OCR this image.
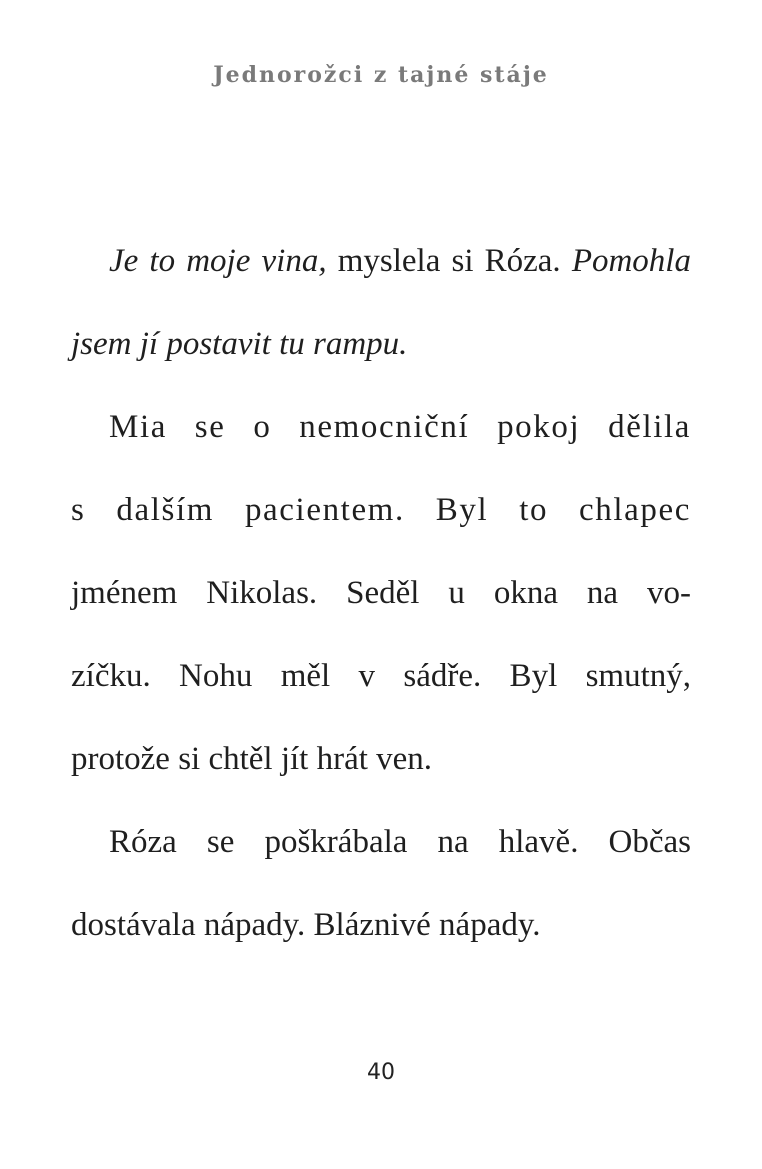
Jednorožci z tajné stáje
Je to moje vina, myslela si Róza. Pomohla
jsem jí postavit tu rampu.
Mia se o nemocniční pokoj dělila
s dalším pacientem. Byl to chlapec
jménem Nikolas. Seděl u okna na vo-
zíčku. Nohu měl v sádře. Byl smutný,
protože si chtěl jít hrát ven.
Róza se poškrábala na hlavě. Občas
dostávala nápady. Bláznivé nápady.
40
